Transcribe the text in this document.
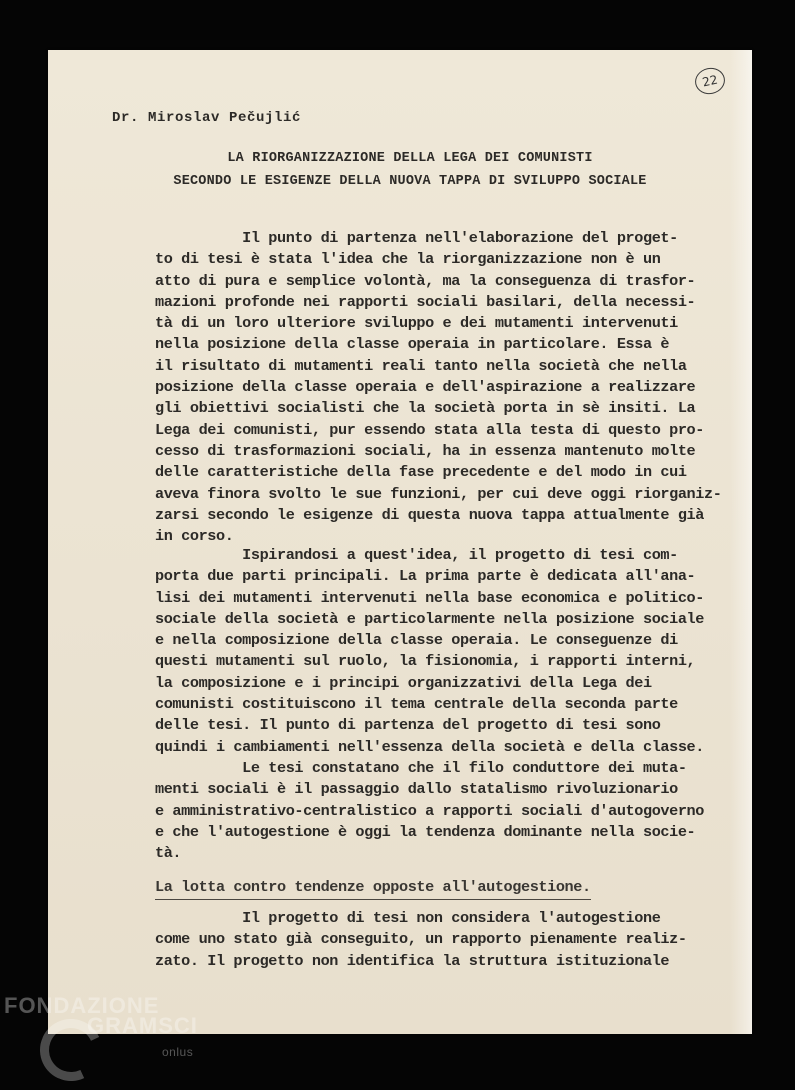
22
Dr. Miroslav Pečujlić
LA RIORGANIZZAZIONE DELLA LEGA DEI COMUNISTI
SECONDO LE ESIGENZE DELLA NUOVA TAPPA DI SVILUPPO SOCIALE
Il punto di partenza nell'elaborazione del proget-
to di tesi è stata l'idea che la riorganizzazione non è un
atto di pura e semplice volontà, ma la conseguenza di trasfor-
mazioni profonde nei rapporti sociali basilari, della necessi-
tà di un loro ulteriore sviluppo e dei mutamenti intervenuti
nella posizione della classe operaia in particolare. Essa è
il risultato di mutamenti reali tanto nella società che nella
posizione della classe operaia e dell'aspirazione a realizzare
gli obiettivi socialisti che la società porta in sè insiti. La
Lega dei comunisti, pur essendo stata alla testa di questo pro-
cesso di trasformazioni sociali, ha in essenza mantenuto molte
delle caratteristiche della fase precedente e del modo in cui
aveva finora svolto le sue funzioni, per cui deve oggi riorganiz-
zarsi secondo le esigenze di questa nuova tappa attualmente già
in corso.
Ispirandosi a quest'idea, il progetto di tesi com-
porta due parti principali. La prima parte è dedicata all'ana-
lisi dei mutamenti intervenuti nella base economica e politico-
sociale della società e particolarmente nella posizione sociale
e nella composizione della classe operaia. Le conseguenze di
questi mutamenti sul ruolo, la fisionomia, i rapporti interni,
la composizione e i principi organizzativi della Lega dei
comunisti costituiscono il tema centrale della seconda parte
delle tesi. Il punto di partenza del progetto di tesi sono
quindi i cambiamenti nell'essenza della società e della classe.
Le tesi constatano che il filo conduttore dei muta-
menti sociali è il passaggio dallo statalismo rivoluzionario
e amministrativo-centralistico a rapporti sociali d'autogoverno
e che l'autogestione è oggi la tendenza dominante nella socie-
tà.
La lotta contro tendenze opposte all'autogestione.
Il progetto di tesi non considera l'autogestione
come uno stato già conseguito, un rapporto pienamente realiz-
zato. Il progetto non identifica la struttura istituzionale
FONDAZIONE
GRAMSCI
onlus
